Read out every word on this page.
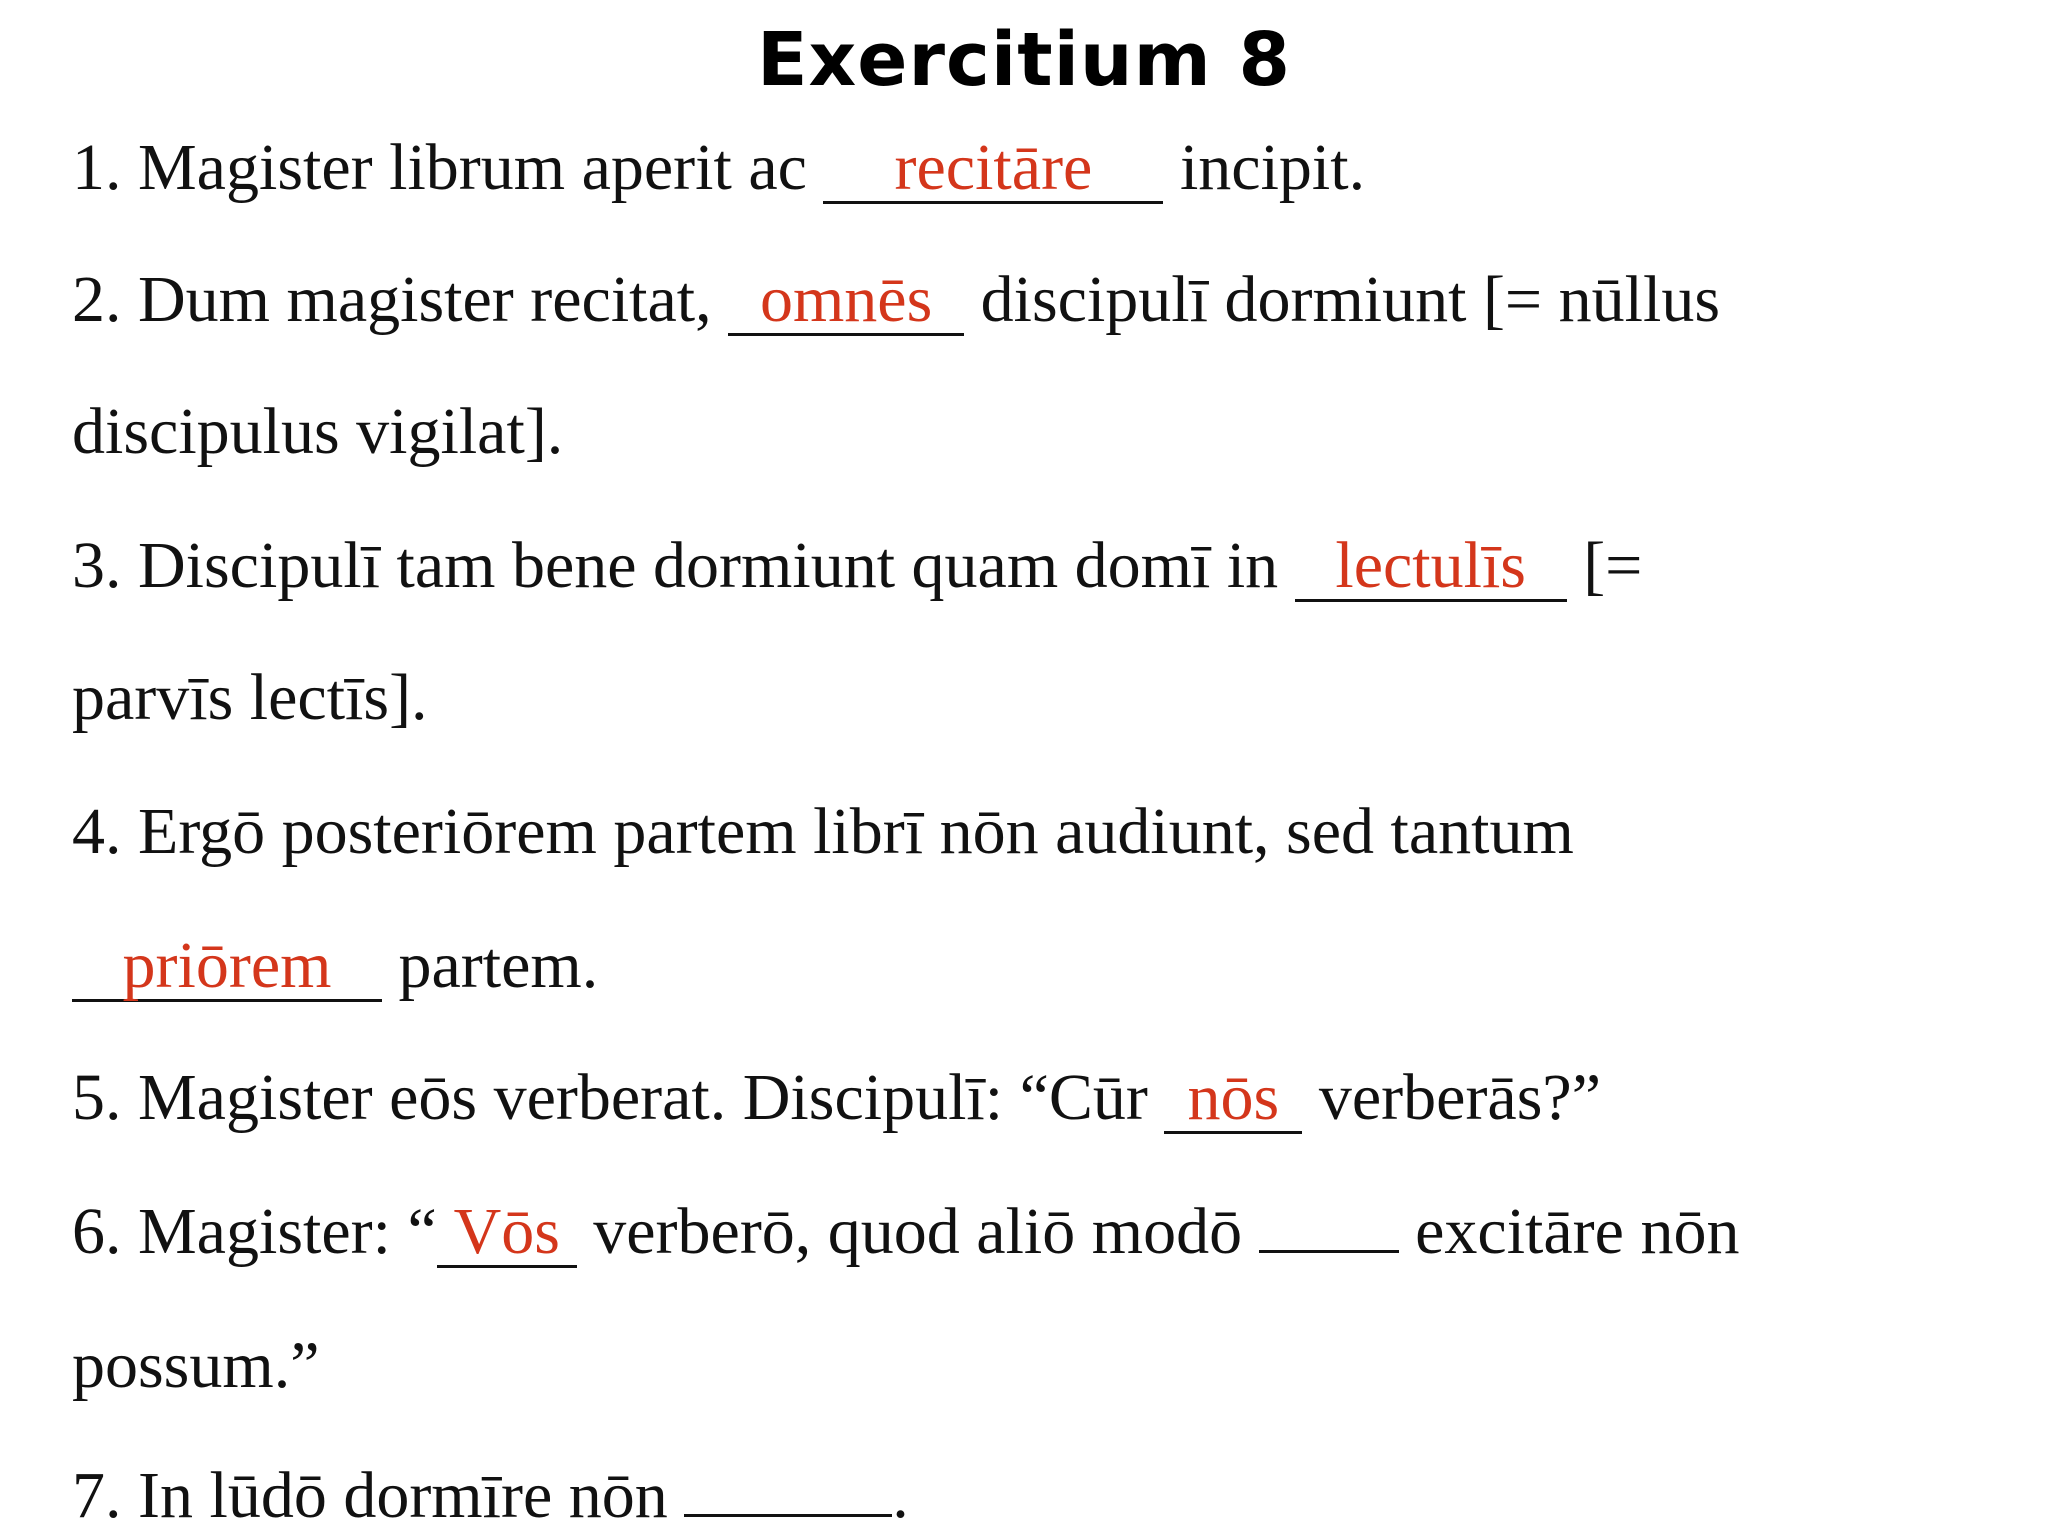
Exercitium 8
1. Magister librum aperit ac recitāre incipit.
2. Dum magister recitat, omnēs discipulī dormiunt [= nūllus
discipulus vigilat].
3. Discipulī tam bene dormiunt quam domī in lectulīs [=
parvīs lectīs].
4. Ergō posteriōrem partem librī nōn audiunt, sed tantum
priōrem partem.
5. Magister eōs verberat. Discipulī: “Cūr nōs verberās?”
6. Magister: “ Vōs verberō, quod aliō modō  excitāre nōn
possum.”
7. In lūdō dormīre nōn	.
